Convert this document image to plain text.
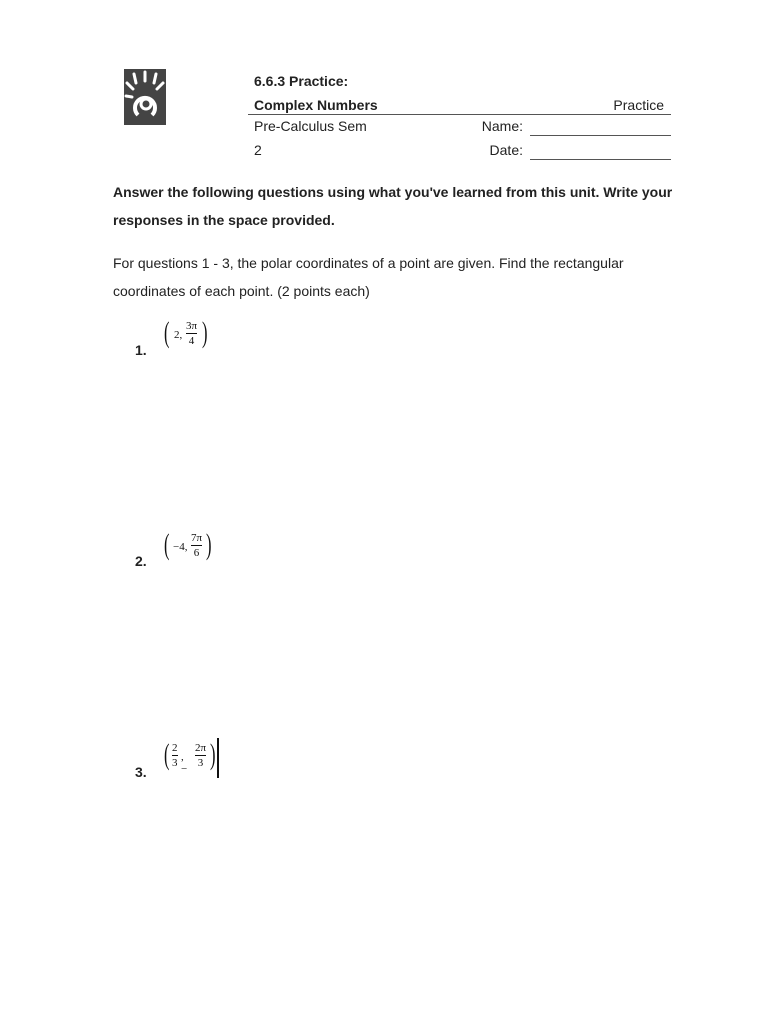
6.6.3 Practice:
Complex Numbers	Practice
Pre-Calculus Sem
2
Name:
Date:
Answer the following questions using what you've learned from this unit. Write your responses in the space provided.
For questions 1 - 3, the polar coordinates of a point are given. Find the rectangular coordinates of each point. (2 points each)
1.
( 2,
3π
4 )
2. ( −4,
7π
6 )
3.
( 2
3 ,−
2π
3 )
